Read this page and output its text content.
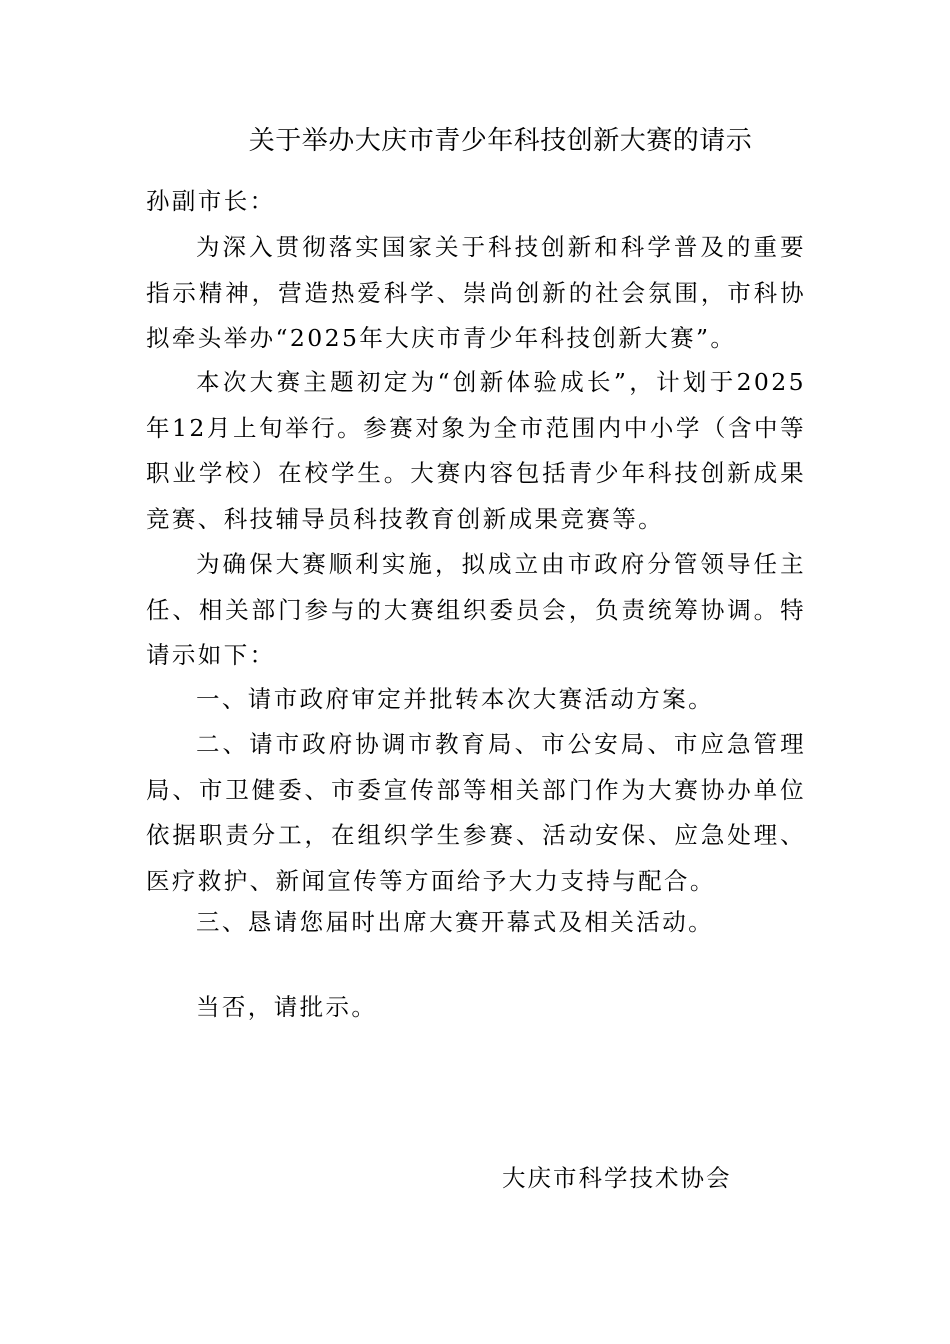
关于举办大庆市青少年科技创新大赛的请示
孙副市长：
为深入贯彻落实国家关于科技创新和科学普及的重要指示精神，营造热爱科学、崇尚创新的社会氛围，市科协拟牵头举办“2025年大庆市青少年科技创新大赛”。
本次大赛主题初定为“创新体验成长”，计划于2025年12月上旬举行。参赛对象为全市范围内中小学（含中等职业学校）在校学生。大赛内容包括青少年科技创新成果竞赛、科技辅导员科技教育创新成果竞赛等。
为确保大赛顺利实施，拟成立由市政府分管领导任主任、相关部门参与的大赛组织委员会，负责统筹协调。特请示如下：
一、请市政府审定并批转本次大赛活动方案。
二、请市政府协调市教育局、市公安局、市应急管理局、市卫健委、市委宣传部等相关部门作为大赛协办单位依据职责分工，在组织学生参赛、活动安保、应急处理、医疗救护、新闻宣传等方面给予大力支持与配合。
三、恳请您届时出席大赛开幕式及相关活动。
当否，请批示。
大庆市科学技术协会
